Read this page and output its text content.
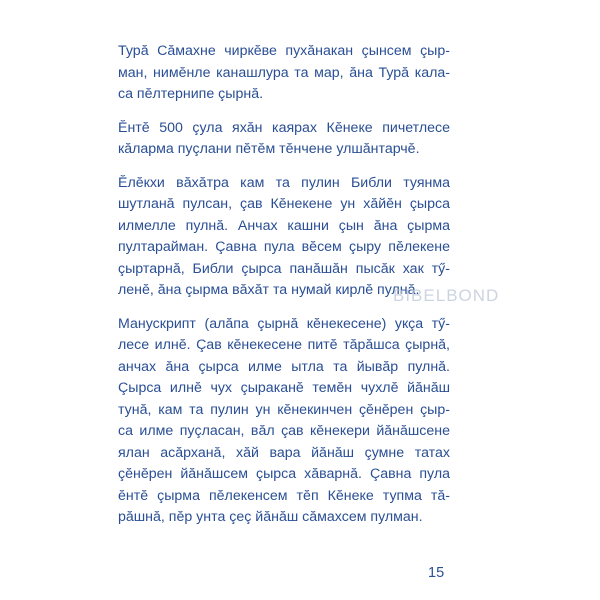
Турă Сăмахне чиркĕве пухăнакан çынсем çыр-
ман, нимĕнле канашлура та мар, ăна Турă кала-
са пĕлтернипе çырнă.

Ĕнтĕ 500 çула яхăн каярах Кĕнеке пичетлесе
кăларма пуçлани пĕтĕм тĕнчене улшăнтарчĕ.

Ĕлĕкхи вăхăтра кам та пулин Библи туянма
шутланă пулсан, çав Кĕнекене ун хăйĕн çырса
илмелле пулнă. Анчах кашни çын ăна çырма
пултарайман. Çавна пула вĕсем çыру пĕлекене
çыртарнă, Библи çырса панăшăн пысăк хак тӳ-
ленĕ, ăна çырма вăхăт та нумай кирлĕ пулнă.

Манускрипт (алăпа çырнă кĕнекесене) укçа тӳ-
лесе илнĕ. Çав кĕнекесене питĕ тăрăшса çырнă,
анчах ăна çырса илме ытла та йывăр пулнă.
Çырса илнĕ чух çыраканĕ темĕн чухлĕ йăнăш
тунă, кам та пулин ун кĕнекинчен çĕнĕрен çыр-
са илме пуçласан, вăл çав кĕнекери йăнăшсене
ялан асăрханă, хăй вара йăнăш çумне татах
çĕнĕрен йăнăшсем çырса хăварнă. Çавна пула
ĕнтĕ çырма пĕлекенсем тĕп Кĕнеке тупма тă-
рăшнă, пĕр унта çеç йăнăш сăмахсем пулман.

BIBELBOND
15
